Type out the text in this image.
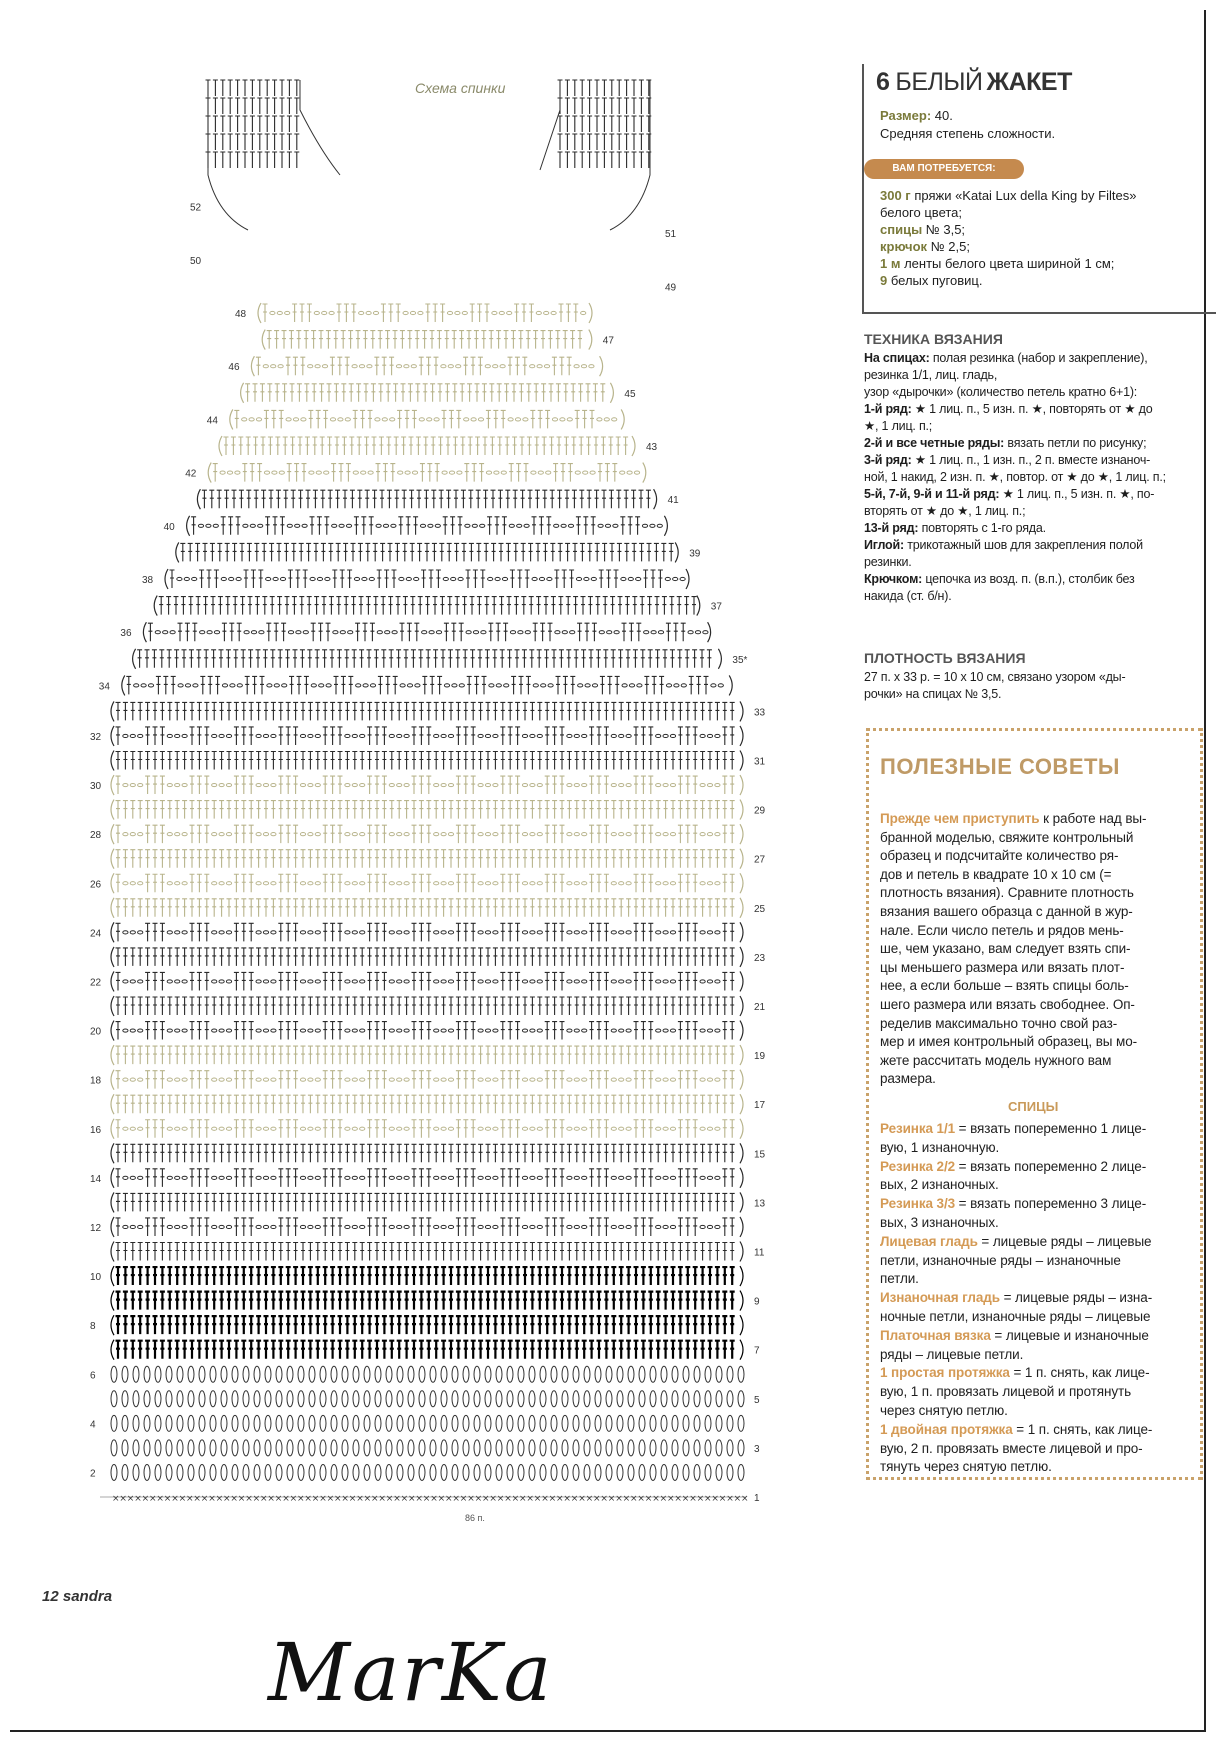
× × × × × × × × × × × × × × × × × × × × × × × × × × × × × × × × × × × × × × × × × × × × × × × × × × × × × × × × × × × × × × × × × × × × × × × × × × × × × × × × × × × × × ×
52
50
48
46
44
42
40
38
36
34
32
30
28
26
24
22
20
18
16
14
12
10
8
6
4
2
51
49
47
45
43
41
39
37
35*
33
31
29
27
25
23
21
19
17
15
13
11
9
7
5
3
1
Схема спинки
86 п.
6 БЕЛЫЙ ЖАКЕТ
Размер: 40.
Средняя степень сложности.
ВАМ ПОТРЕБУЕТСЯ:
300 г пряжи «Katai Lux della King by Filtes»
белого цвета;
спицы № 3,5;
крючок № 2,5;
1 м ленты белого цвета шириной 1 см;
9 белых пуговиц.
ТЕХНИКА ВЯЗАНИЯ
На спицах: полая резинка (набор и закрепление),
резинка 1/1, лиц. гладь,
узор «дырочки» (количество петель кратно 6+1):
1-й ряд: ★ 1 лиц. п., 5 изн. п. ★, повторять от ★ до
★, 1 лиц. п.;
2-й и все четные ряды: вязать петли по рисунку;
3-й ряд: ★ 1 лиц. п., 1 изн. п., 2 п. вместе изнаноч-
ной, 1 накид, 2 изн. п. ★, повтор. от ★ до ★, 1 лиц. п.;
5-й, 7-й, 9-й и 11-й ряд: ★ 1 лиц. п., 5 изн. п. ★, по-
вторять от ★ до ★, 1 лиц. п.;
13-й ряд: повторять с 1-го ряда.
Иглой: трикотажный шов для закрепления полой
резинки.
Крючком: цепочка из возд. п. (в.п.), столбик без
накида (ст. б/н).
ПЛОТНОСТЬ ВЯЗАНИЯ
27 п. х 33 р. = 10 х 10 см, связано узором «ды-
рочки» на спицах № 3,5.
ПОЛЕЗНЫЕ СОВЕТЫ
Прежде чем приступить к работе над вы-
бранной моделью, свяжите контрольный
образец и подсчитайте количество ря-
дов и петель в квадрате 10 х 10 см (=
плотность вязания). Сравните плотность
вязания вашего образца с данной в жур-
нале. Если число петель и рядов мень-
ше, чем указано, вам следует взять спи-
цы меньшего размера или вязать плот-
нее, а если больше – взять спицы боль-
шего размера или вязать свободнее. Оп-
ределив максимально точно свой раз-
мер и имея контрольный образец, вы мо-
жете рассчитать модель нужного вам
размера.
СПИЦЫ
Резинка 1/1 = вязать попеременно 1 лице-
вую, 1 изнаночную.
Резинка 2/2 = вязать попеременно 2 лице-
вых, 2 изнаночных.
Резинка 3/3 = вязать попеременно 3 лице-
вых, 3 изнаночных.
Лицевая гладь = лицевые ряды – лицевые
петли, изнаночные ряды – изнаночные
петли.
Изнаночная гладь = лицевые ряды – изна-
ночные петли, изнаночные ряды – лицевые
Платочная вязка = лицевые и изнаночные
ряды – лицевые петли.
1 простая протяжка = 1 п. снять, как лице-
вую, 1 п. провязать лицевой и протянуть
через снятую петлю.
1 двойная протяжка = 1 п. снять, как лице-
вую, 2 п. провязать вместе лицевой и про-
тянуть через снятую петлю.
12 sandra
MarKa
